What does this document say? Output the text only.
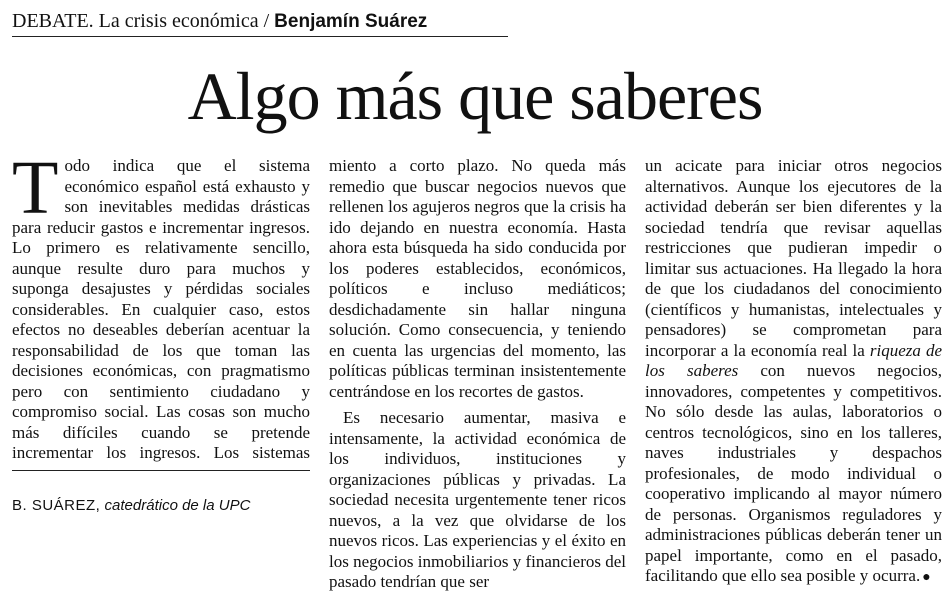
DEBATE. La crisis económica / Benjamín Suárez
Algo más que saberes

Todo indica que el sistema económico español está exhausto y son inevitables medidas drásticas para reducir gastos e incrementar ingresos. Lo primero es relativamente sencillo, aunque resulte duro para muchos y suponga desajustes y pérdidas sociales considerables. En cualquier caso, estos efectos no deseables deberían acentuar la responsabilidad de los que toman las decisiones económicas, con pragmatismo pero con sentimiento ciudadano y compromiso social. Las cosas son mucho más difíciles cuando se pretende incrementar los ingresos. Los sistemas

miento a corto plazo. No queda más remedio que buscar negocios nuevos que rellenen los agujeros negros que la crisis ha ido dejando en nuestra economía. Hasta ahora esta búsqueda ha sido conducida por los poderes establecidos, económicos, políticos e incluso mediáticos; desdichadamente sin hallar ninguna solución. Como consecuencia, y teniendo en cuenta las urgencias del momento, las políticas públicas terminan insistentemente centrándose en los recortes de gastos.

Es necesario aumentar, masiva e intensamente, la actividad económica de los individuos, instituciones y organizaciones públicas y privadas. La sociedad necesita urgentemente tener ricos nuevos, a la vez que olvidarse de los nuevos ricos. Las experiencias y el éxito en los negocios inmobiliarios y financieros del pasado tendrían que ser

un acicate para iniciar otros negocios alternativos. Aunque los ejecutores de la actividad deberán ser bien diferentes y la sociedad tendría que revisar aquellas restricciones que pudieran impedir o limitar sus actuaciones. Ha llegado la hora de que los ciudadanos del conocimiento (científicos y humanistas, intelectuales y pensadores) se comprometan para incorporar a la economía real la riqueza de los saberes con nuevos negocios, innovadores, competentes y competitivos. No sólo desde las aulas, laboratorios o centros tecnológicos, sino en los talleres, naves industriales y despachos profesionales, de modo individual o cooperativo implicando al mayor número de personas. Organismos reguladores y administraciones públicas deberán tener un papel importante, como en el pasado, facilitando que ello sea posible y ocurra. ●

B. SUÁREZ, catedrático de la UPC
